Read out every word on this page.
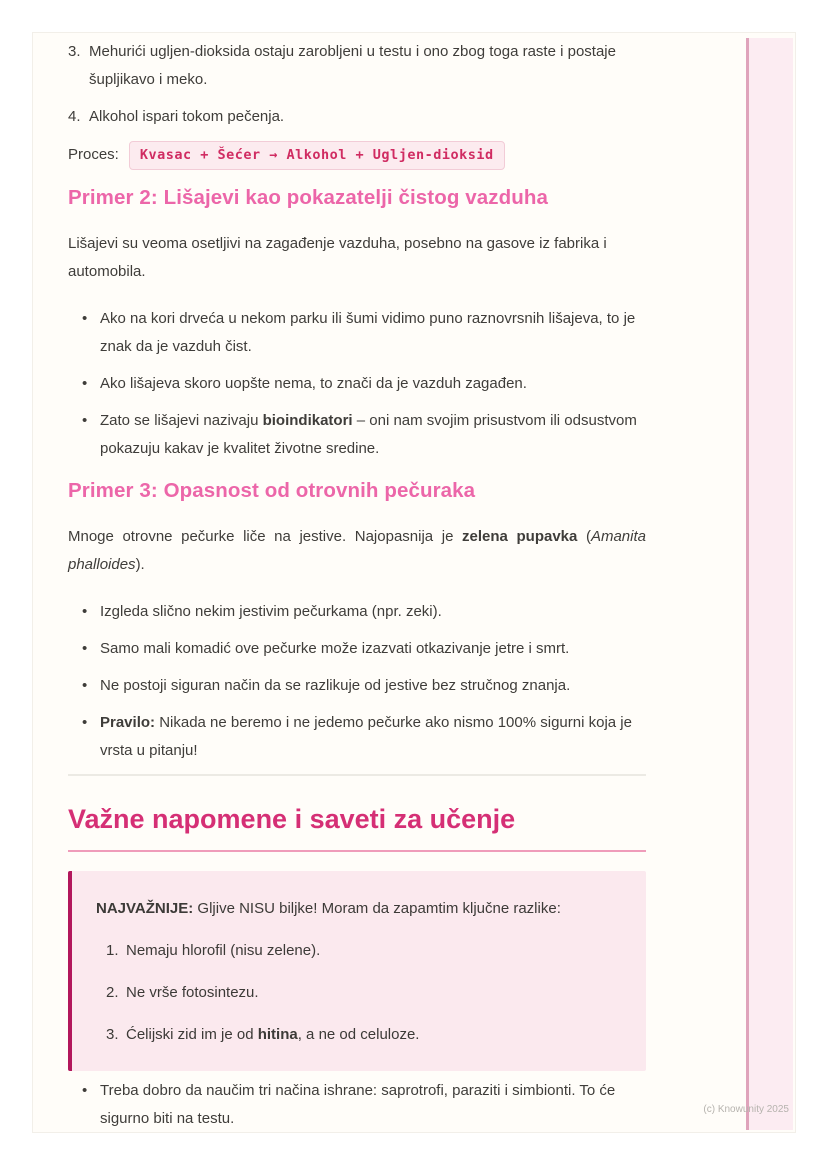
3. Mehurići ugljen-dioksida ostaju zarobljeni u testu i ono zbog toga raste i postaje šupljikavo i meko.
4. Alkohol ispari tokom pečenja.
Proces:	Kvasac + Šećer → Alkohol + Ugljen-dioksid
Primer 2: Lišajevi kao pokazatelji čistog vazduha

Lišajevi su veoma osetljivi na zagađenje vazduha, posebno na gasove iz fabrika i automobila.

• Ako na kori drveća u nekom parku ili šumi vidimo puno raznovrsnih lišajeva, to je znak da je vazduh čist.
• Ako lišajeva skoro uopšte nema, to znači da je vazduh zagađen.
• Zato se lišajevi nazivaju bioindikatori – oni nam svojim prisustvom ili odsustvom pokazuju kakav je kvalitet životne sredine.
Primer 3: Opasnost od otrovnih pečuraka

Mnoge otrovne pečurke liče na jestive. Najopasnija je zelena pupavka (Amanita phalloides).

• Izgleda slično nekim jestivim pečurkama (npr. zeki).
• Samo mali komadić ove pečurke može izazvati otkazivanje jetre i smrt.
• Ne postoji siguran način da se razlikuje od jestive bez stručnog znanja.
• Pravilo: Nikada ne beremo i ne jedemo pečurke ako nismo 100% sigurni koja je vrsta u pitanju!
Važne napomene i saveti za učenje

NAJVAŽNIJE: Gljive NISU biljke! Moram da zapamtim ključne razlike:

1. Nemaju hlorofil (nisu zelene).
2. Ne vrše fotosintezu.
3. Ćelijski zid im je od hitina, a ne od celuloze.
• Treba dobro da naučim tri načina ishrane: saprotrofi, paraziti i simbionti. To će sigurno biti na testu.
(c) Knowunity 2025
